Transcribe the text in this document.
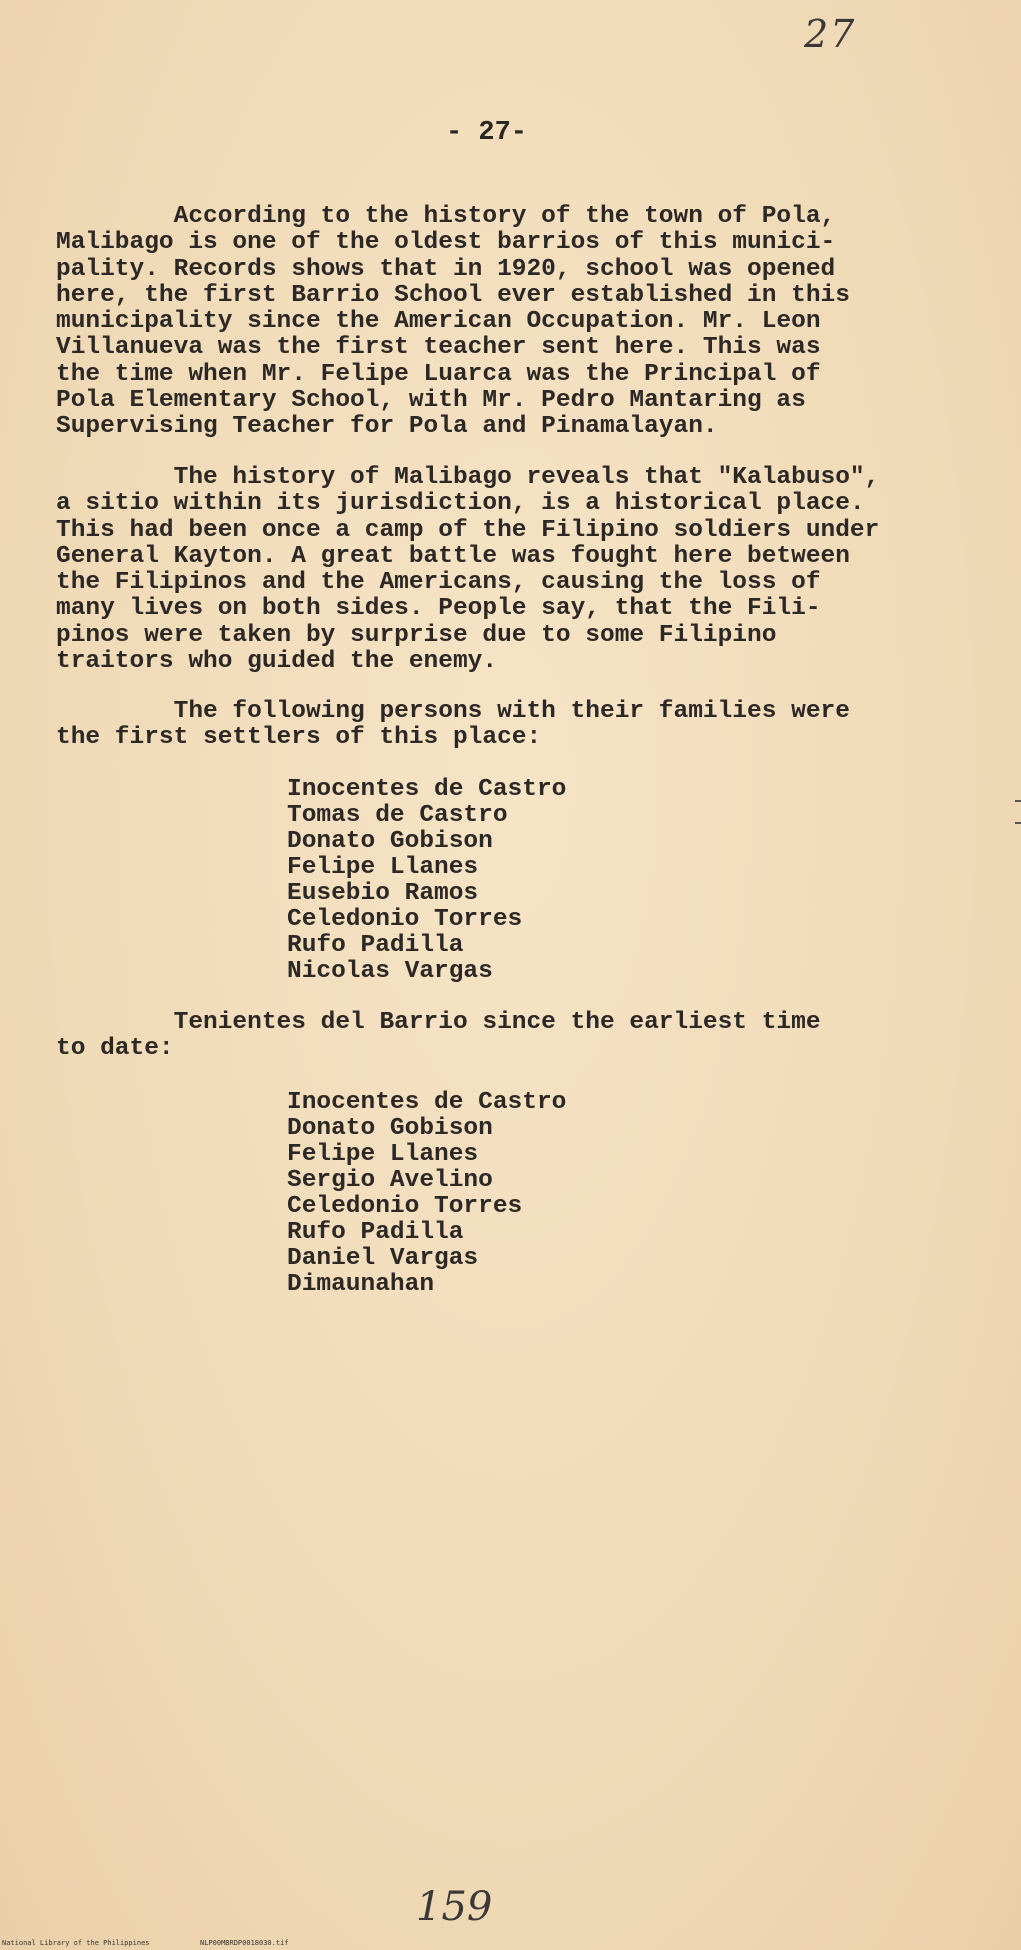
27
- 27-

According to the history of the town of Pola,
Malibago is one of the oldest barrios of this munici-
pality. Records shows that in 1920, school was opened
here, the first Barrio School ever established in this
municipality since the American Occupation. Mr. Leon
Villanueva was the first teacher sent here. This was
the time when Mr. Felipe Luarca was the Principal of
Pola Elementary School, with Mr. Pedro Mantaring as
Supervising Teacher for Pola and Pinamalayan.

The history of Malibago reveals that "Kalabuso",
a sitio within its jurisdiction, is a historical place.
This had been once a camp of the Filipino soldiers under
General Kayton. A great battle was fought here between
the Filipinos and the Americans, causing the loss of
many lives on both sides. People say, that the Fili-
pinos were taken by surprise due to some Filipino
traitors who guided the enemy.

The following persons with their families were
the first settlers of this place:

Inocentes de Castro
Tomas de Castro
Donato Gobison
Felipe Llanes
Eusebio Ramos
Celedonio Torres
Rufo Padilla
Nicolas Vargas

Tenientes del Barrio since the earliest time
to date:

Inocentes de Castro
Donato Gobison
Felipe Llanes
Sergio Avelino
Celedonio Torres
Rufo Padilla
Daniel Vargas
Dimaunahan
159
National Library of the Philippines	NLP00MBRDP0018030.tif
